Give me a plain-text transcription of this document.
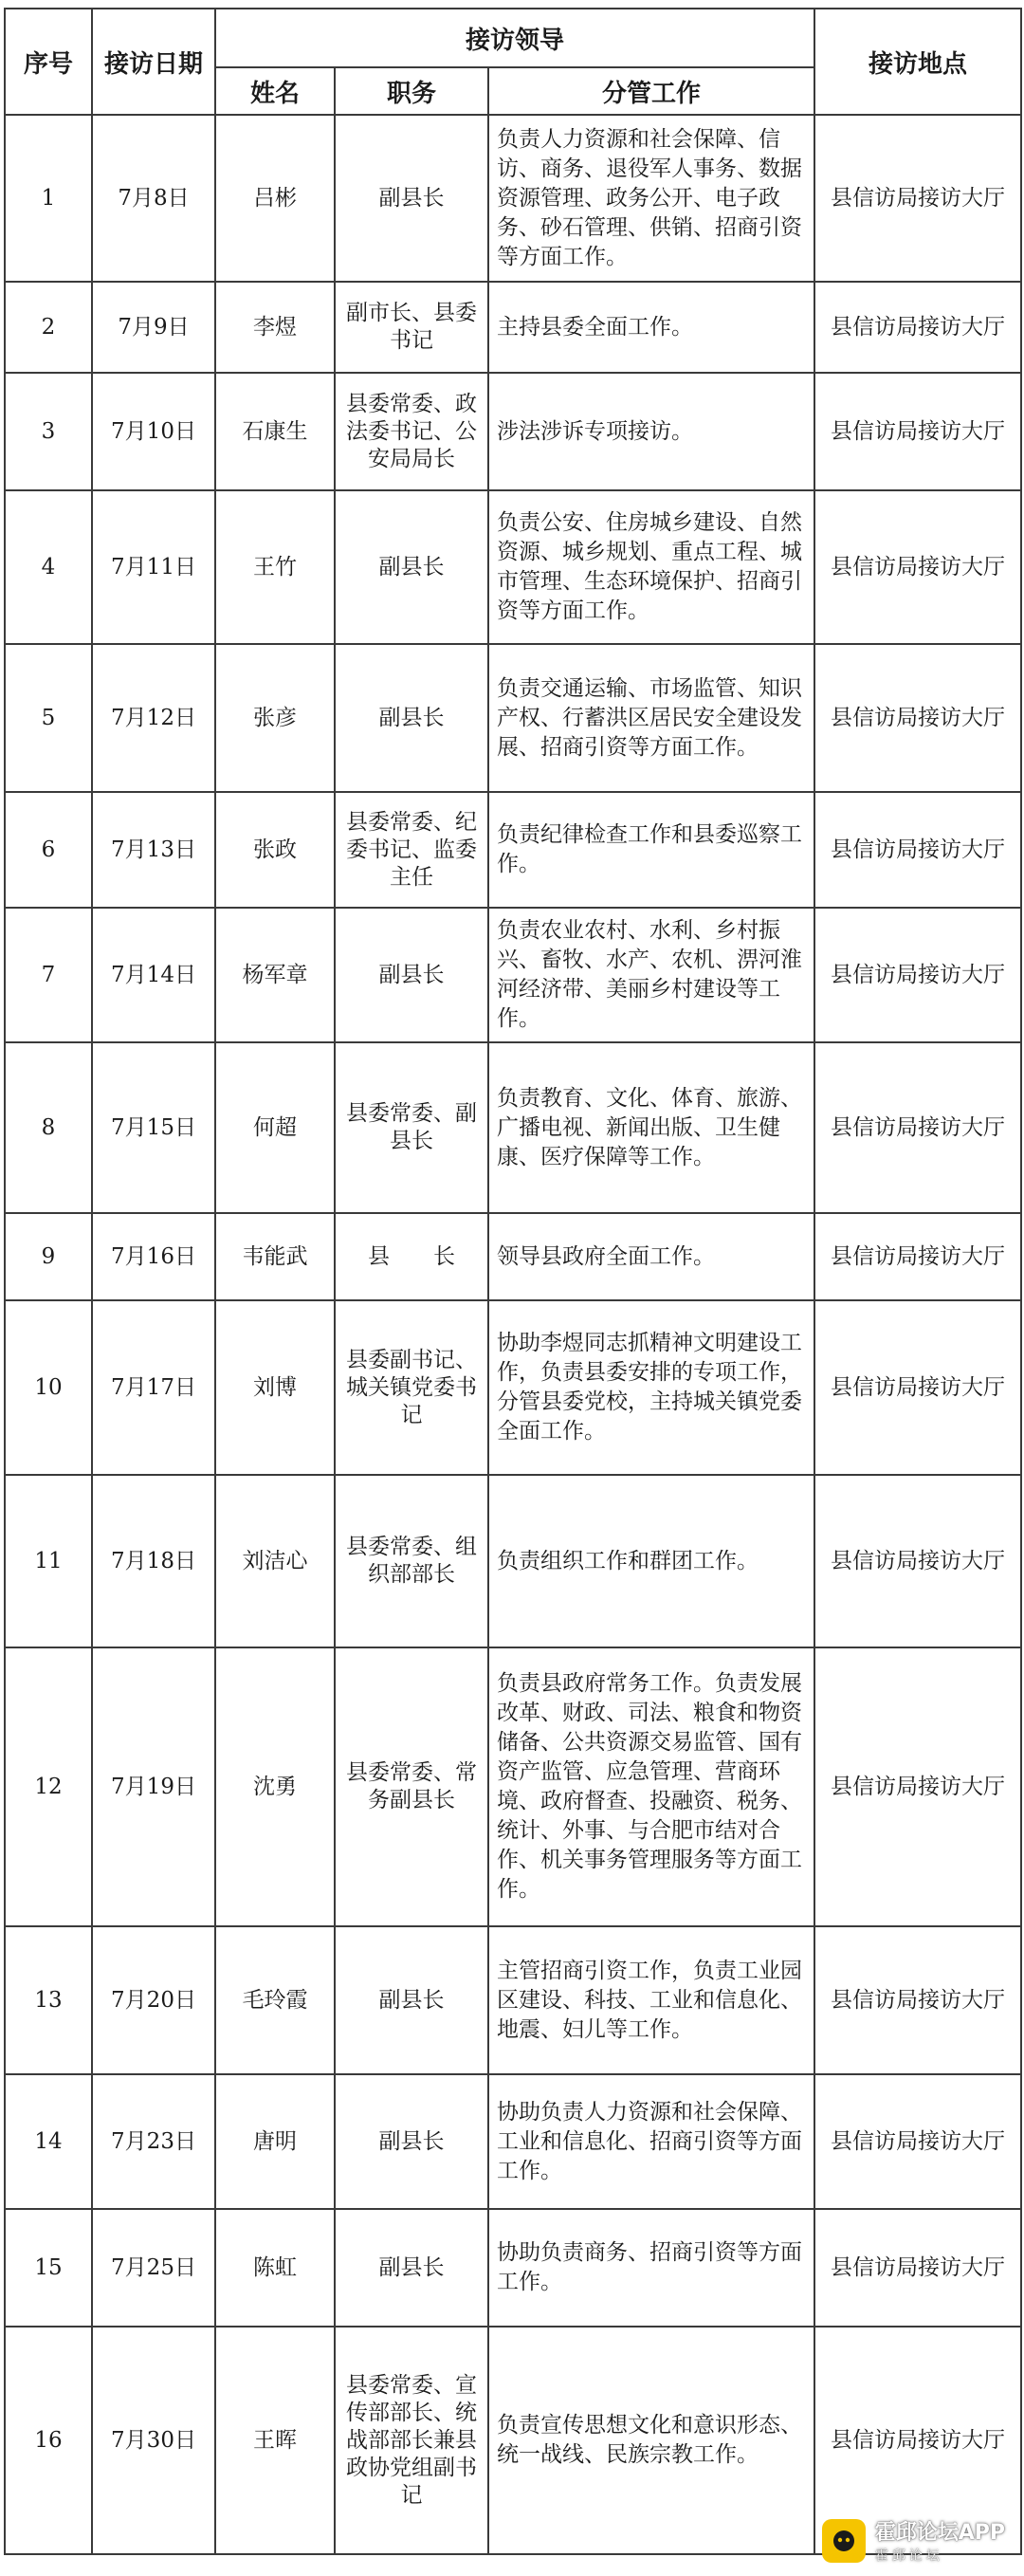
序号	接访日期	接访领导			接访地点
		姓名	职务	分管工作	
1	7月8日	吕彬	副县长	负责人力资源和社会保障、信访、商务、退役军人事务、数据资源管理、政务公开、电子政务、砂石管理、供销、招商引资等方面工作。	县信访局接访大厅
2	7月9日	李煜	副市长、县委书记	主持县委全面工作。	县信访局接访大厅
3	7月10日	石康生	县委常委、政法委书记、公安局局长	涉法涉诉专项接访。	县信访局接访大厅
4	7月11日	王竹	副县长	负责公安、住房城乡建设、自然资源、城乡规划、重点工程、城市管理、生态环境保护、招商引资等方面工作。	县信访局接访大厅
5	7月12日	张彦	副县长	负责交通运输、市场监管、知识产权、行蓄洪区居民安全建设发展、招商引资等方面工作。	县信访局接访大厅
6	7月13日	张政	县委常委、纪委书记、监委主任	负责纪律检查工作和县委巡察工作。	县信访局接访大厅
7	7月14日	杨军章	副县长	负责农业农村、水利、乡村振兴、畜牧、水产、农机、淠河淮河经济带、美丽乡村建设等工作。	县信访局接访大厅
8	7月15日	何超	县委常委、副县长	负责教育、文化、体育、旅游、广播电视、新闻出版、卫生健康、医疗保障等工作。	县信访局接访大厅
9	7月16日	韦能武	县　　长	领导县政府全面工作。	县信访局接访大厅
10	7月17日	刘博	县委副书记、城关镇党委书记	协助李煜同志抓精神文明建设工作，负责县委安排的专项工作，分管县委党校，主持城关镇党委全面工作。	县信访局接访大厅
11	7月18日	刘洁心	县委常委、组织部部长	负责组织工作和群团工作。	县信访局接访大厅
12	7月19日	沈勇	县委常委、常务副县长	负责县政府常务工作。负责发展改革、财政、司法、粮食和物资储备、公共资源交易监管、国有资产监管、应急管理、营商环境、政府督查、投融资、税务、统计、外事、与合肥市结对合作、机关事务管理服务等方面工作。	县信访局接访大厅
13	7月20日	毛玲霞	副县长	主管招商引资工作，负责工业园区建设、科技、工业和信息化、地震、妇儿等工作。	县信访局接访大厅
14	7月23日	唐明	副县长	协助负责人力资源和社会保障、工业和信息化、招商引资等方面工作。	县信访局接访大厅
15	7月25日	陈虹	副县长	协助负责商务、招商引资等方面工作。	县信访局接访大厅
16	7月30日	王晖	县委常委、宣传部部长、统战部部长兼县政协党组副书记	负责宣传思想文化和意识形态、统一战线、民族宗教工作。	县信访局接访大厅
霍邱论坛APP
霍邱论坛
